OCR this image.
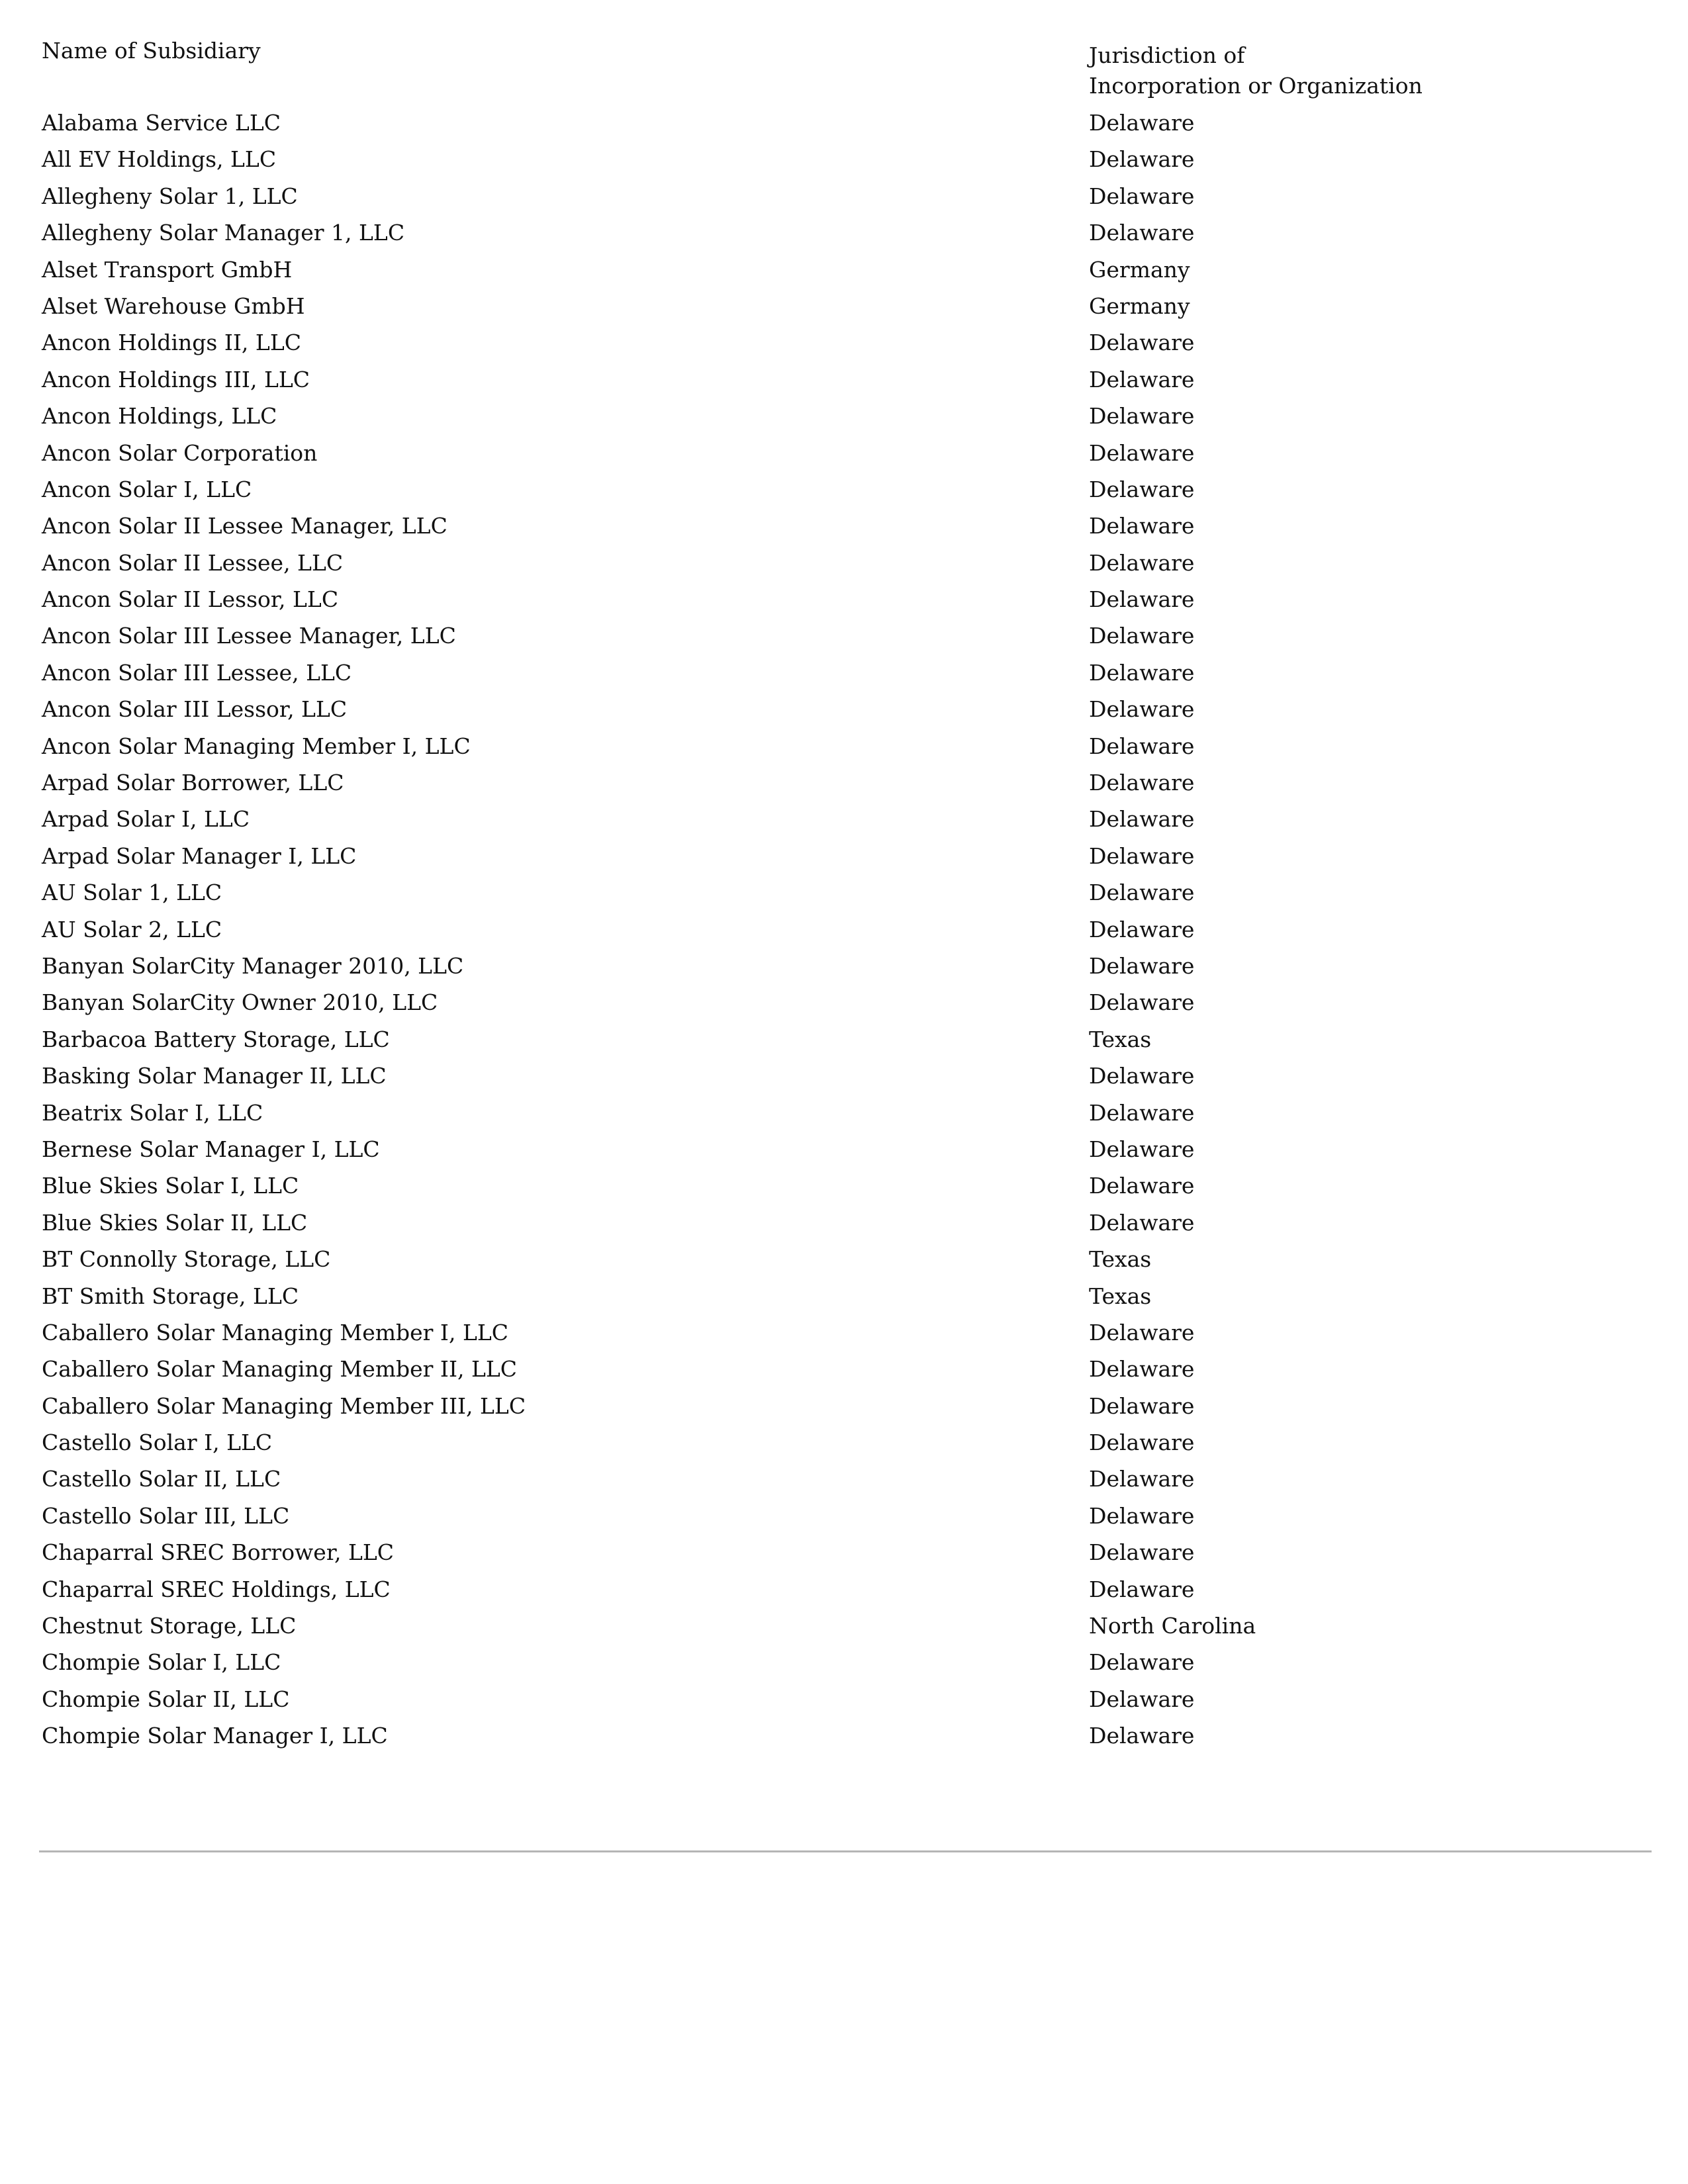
Name of Subsidiary	Jurisdiction of
Incorporation or Organization
Alabama Service LLC	Delaware
All EV Holdings, LLC	Delaware
Allegheny Solar 1, LLC	Delaware
Allegheny Solar Manager 1, LLC	Delaware
Alset Transport GmbH	Germany
Alset Warehouse GmbH	Germany
Ancon Holdings II, LLC	Delaware
Ancon Holdings III, LLC	Delaware
Ancon Holdings, LLC	Delaware
Ancon Solar Corporation	Delaware
Ancon Solar I, LLC	Delaware
Ancon Solar II Lessee Manager, LLC	Delaware
Ancon Solar II Lessee, LLC	Delaware
Ancon Solar II Lessor, LLC	Delaware
Ancon Solar III Lessee Manager, LLC	Delaware
Ancon Solar III Lessee, LLC	Delaware
Ancon Solar III Lessor, LLC	Delaware
Ancon Solar Managing Member I, LLC	Delaware
Arpad Solar Borrower, LLC	Delaware
Arpad Solar I, LLC	Delaware
Arpad Solar Manager I, LLC	Delaware
AU Solar 1, LLC	Delaware
AU Solar 2, LLC	Delaware
Banyan SolarCity Manager 2010, LLC	Delaware
Banyan SolarCity Owner 2010, LLC	Delaware
Barbacoa Battery Storage, LLC	Texas
Basking Solar Manager II, LLC	Delaware
Beatrix Solar I, LLC	Delaware
Bernese Solar Manager I, LLC	Delaware
Blue Skies Solar I, LLC	Delaware
Blue Skies Solar II, LLC	Delaware
BT Connolly Storage, LLC	Texas
BT Smith Storage, LLC	Texas
Caballero Solar Managing Member I, LLC	Delaware
Caballero Solar Managing Member II, LLC	Delaware
Caballero Solar Managing Member III, LLC	Delaware
Castello Solar I, LLC	Delaware
Castello Solar II, LLC	Delaware
Castello Solar III, LLC	Delaware
Chaparral SREC Borrower, LLC	Delaware
Chaparral SREC Holdings, LLC	Delaware
Chestnut Storage, LLC	North Carolina
Chompie Solar I, LLC	Delaware
Chompie Solar II, LLC	Delaware
Chompie Solar Manager I, LLC	Delaware
